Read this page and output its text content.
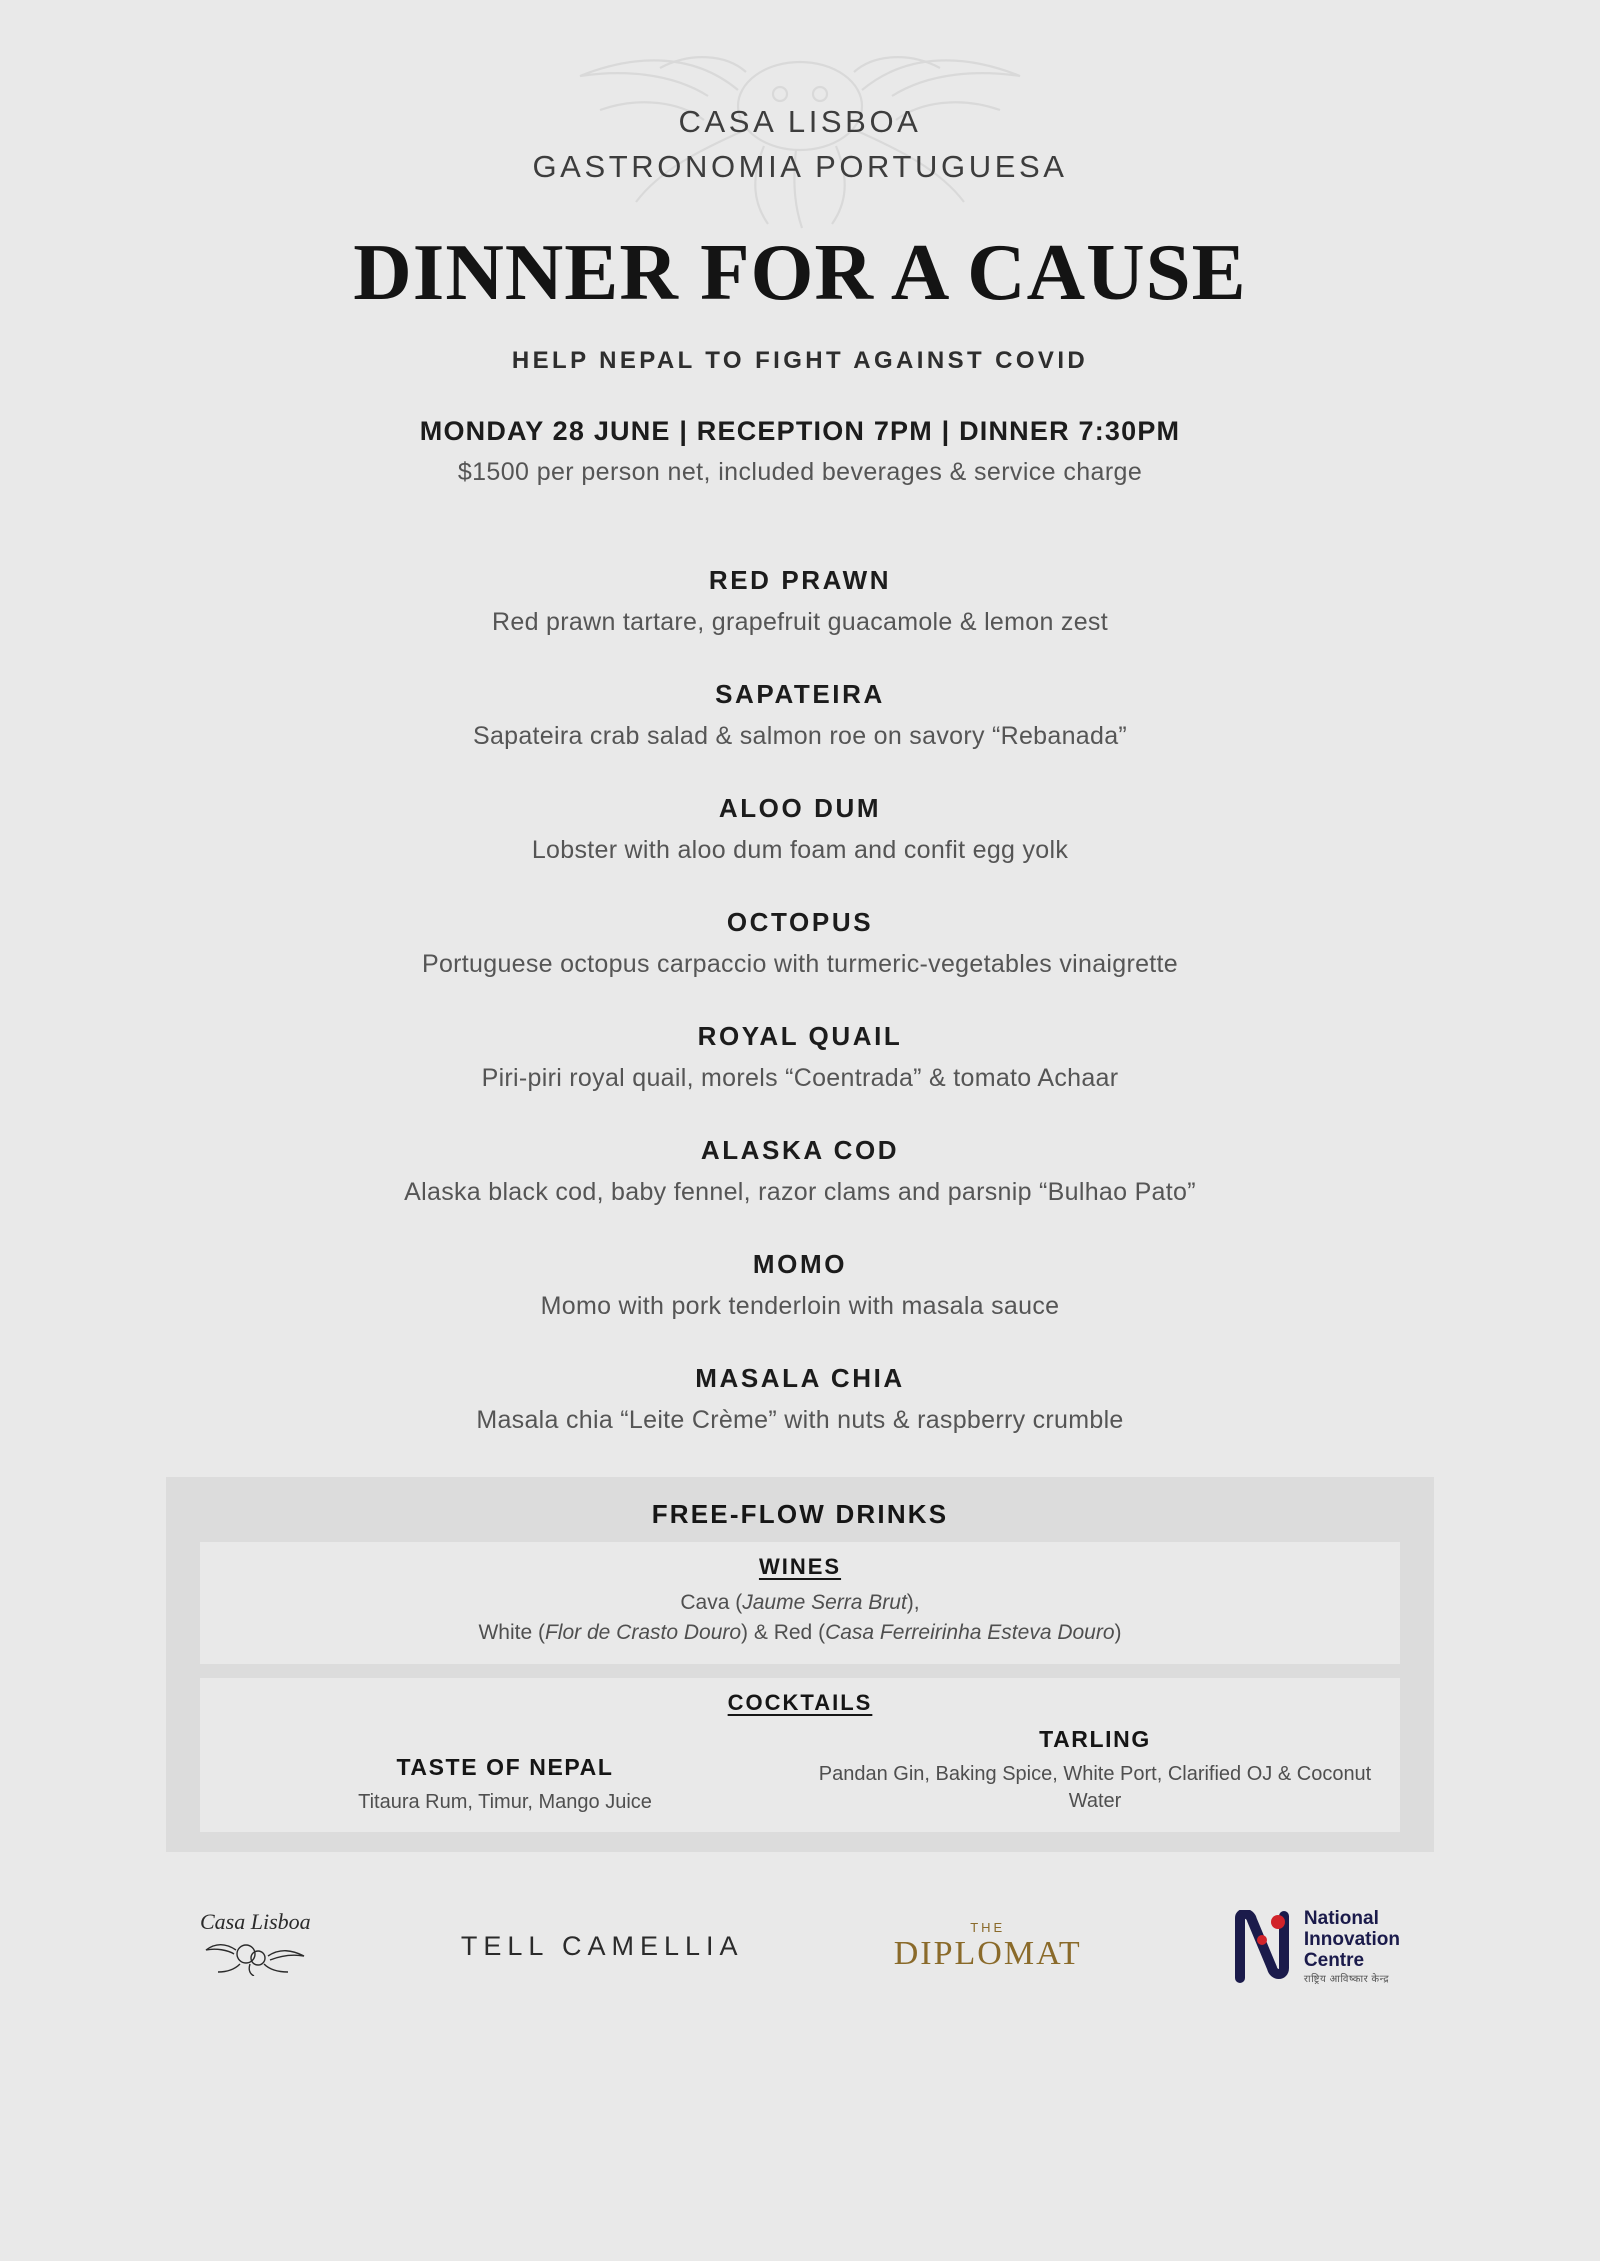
CASA LISBOA
GASTRONOMIA PORTUGUESA
DINNER FOR A CAUSE
HELP NEPAL TO FIGHT AGAINST COVID
MONDAY 28 JUNE | RECEPTION 7PM | DINNER 7:30PM
$1500 per person net, included beverages & service charge
RED PRAWN
Red prawn tartare, grapefruit guacamole & lemon zest
SAPATEIRA
Sapateira crab salad & salmon roe on savory “Rebanada”
ALOO DUM
Lobster with aloo dum foam and confit egg yolk
OCTOPUS
Portuguese octopus carpaccio with turmeric-vegetables vinaigrette
ROYAL QUAIL
Piri-piri royal quail, morels “Coentrada” & tomato Achaar
ALASKA COD
Alaska black cod, baby fennel, razor clams and parsnip “Bulhao Pato”
MOMO
Momo with pork tenderloin with masala sauce
MASALA CHIA
Masala chia “Leite Crème” with nuts & raspberry crumble
FREE-FLOW DRINKS
WINES
Cava (Jaume Serra Brut),
White (Flor de Crasto Douro) & Red (Casa Ferreirinha Esteva Douro)
COCKTAILS
TASTE OF NEPAL
Titaura Rum, Timur, Mango Juice
TARLING
Pandan Gin, Baking Spice, White Port, Clarified OJ & Coconut Water
Casa Lisboa
TELL CAMELLIA
THE
DIPLOMAT
National
Innovation
Centre
राष्ट्रिय आविष्कार केन्द्र
